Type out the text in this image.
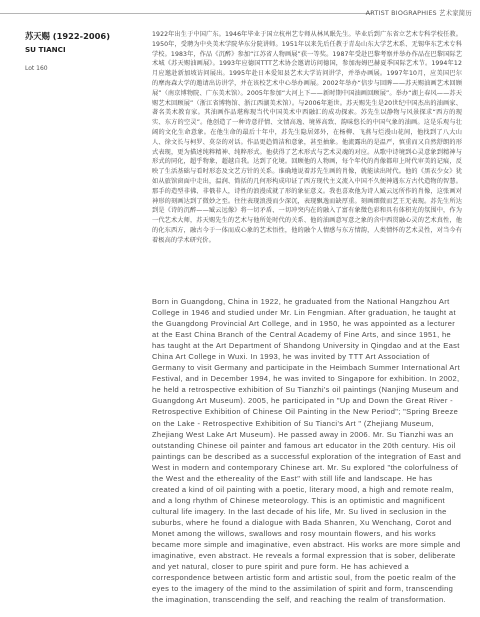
ARTIST BIOGRAPHIES 艺术家简历
苏天赐 (1922-2006)
SU TIANCI
Lot 160

1922年出生于中国广东。1946年毕业于国立杭州艺专师从林风眠先生。毕业后到广东省立艺术专科学校任教。1950年，受聘为中央美术学院华东分院讲师。1951年以来先后任教于青岛山东大学艺术系、无锡华东艺术专科学校。1983年，作品《沉醉》参加“江苏省人物画展”获一等奖。1987年受赴巴黎考察并举办作品在巴黎国际艺术城《苏天赐油画展》。1993年应德国TTT艺术协会邀请访问德国，参加海姆巴赫夏季国际艺术节。1994年12月应邀赴新加坡访问展出。1995年赴日本爱知县艺术大学访问讲学，并举办画展。1997年10月，应美国巴尔的摩海森大学的邀请出访讲学，并在该校艺术中心举办画展。2002年举办“信步与回眸——苏天赐油画艺术回顾展”（南京博物院、广东美术馆）。2005年参加“大河上下——新时期中国油画回顾展”。举办“湖上春风——苏天赐艺术回顾展”（浙江省博物馆、浙江西湖美术馆）。与2006年逝世。苏天赐先生是20世纪中国杰出的油画家、著名美术教育家。其油画作品堪称现当代中国美术中西融汇的成功探索。苏先生以静物与风景探求“西方的现实、东方的空灵”。他创造了一种诗意抒情、文情高逸、境界高致、韵味悠长的中国气象的油画。这是乐观与壮阔的文化生命意象。在他生命的最后十年中，苏先生隐居郊外，在杨柳、飞燕与烂漫山花间，他找到了八大山人、徐文长与柯罗、莫奈的对话。作品更趋简洁和意象，甚至抽象。他流露出的是温严，慎重而又自然舒朗的形式表现，更为描述纯粹精神、纯粹形式。他获得了艺术形式与艺术灵魂的对应。从歌中诗境到心灵意象到精神与形式的同化，超乎物象，超越自我。达到了化境。回顾他的人物画，每个年代的肖像都印上时代审美的记痕，反映了生活基础与看时形态及文艺方针的关系。谁确地说着苏先生画的肖像，就能读出时代。他的《黑衣少女》犹如从旅馆窗面中走出，温润、简括的几何形构成印证了西方现代主义流入中国不久便神遇东方古代造物的智慧。那手的造型非佛、非俄非人，诗性的浪漫成就了形的象征意义。我也喜欢他为诗人臧云远所作的肖像，这张画对神形的刻画达到了微妙之至。往往表现浪漫而少深沉，表现飘逸而缺厚重。刻画细微而艺王无表现。苏先生所达到是《诗的沉醉——臧云远像》将一切矛盾、一切冲突内在的融入了富有象徵色彩和具有体积光的氛围中，作为一代艺术大师，苏天赐先生的艺术与他所处时代的关系、他的油画意写意之象的含中西贯融心灵的艺术真性，他的化东西方，融古今于一体而成心象的艺术悟性，他的融个人情感与东方情韵，人类情怀的艺术灵性，对当今有着极高的学术研究价。

Born in Guangdong, China in 1922, he graduated from the National Hangzhou Art College in 1946 and studied under Mr. Lin Fengmian. After graduation, he taught at the Guangdong Provincial Art College, and in 1950, he was appointed as a lecturer at the East China Branch of the Central Academy of Fine Arts, and since 1951, he has taught at the Art Department of Shandong University in Qingdao and at the East China Art College in Wuxi. In 1993, he was invited by TTT Art Association of Germany to visit Germany and participate in the Heimbach Summer International Art Festival, and in December 1994, he was invited to Singapore for exhibition. In 2002, he held a retrospective exhibition of Su Tianzhi's oil paintings (Nanjing Museum and Guangdong Art Museum). 2005, he participated in "Up and Down the Great River - Retrospective Exhibition of Chinese Oil Painting in the New Period"; "Spring Breeze on the Lake - Retrospective Exhibition of Su Tianci's Art " (Zhejiang Museum, Zhejiang West Lake Art Museum). He passed away in 2006. Mr. Su Tianzhi was an outstanding Chinese oil painter and famous art educator in the 20th century. His oil paintings can be described as a successful exploration of the integration of East and West in modern and contemporary Chinese art. Mr. Su explored "the colorfulness of the West and the ethereality of the East" with still life and landscape. He has created a kind of oil painting with a poetic, literary mood, a high and remote realm, and a long rhythm of Chinese meteorology. This is an optimistic and magnificent cultural life imagery. In the last decade of his life, Mr. Su lived in seclusion in the suburbs, where he found a dialogue with Bada Shanren, Xu Wenchang, Corot and Monet among the willows, swallows and rosy mountain flowers, and his works became more simple and imaginative, even abstract. His works are more simple and imaginative, even abstract. He reveals a formal expression that is sober, deliberate and yet natural, closer to pure spirit and pure form. He has achieved a correspondence between artistic form and artistic soul, from the poetic realm of the eyes to the imagery of the mind to the assimilation of spirit and form, transcending the imagination, transcending the self, and reaching the realm of transformation.
